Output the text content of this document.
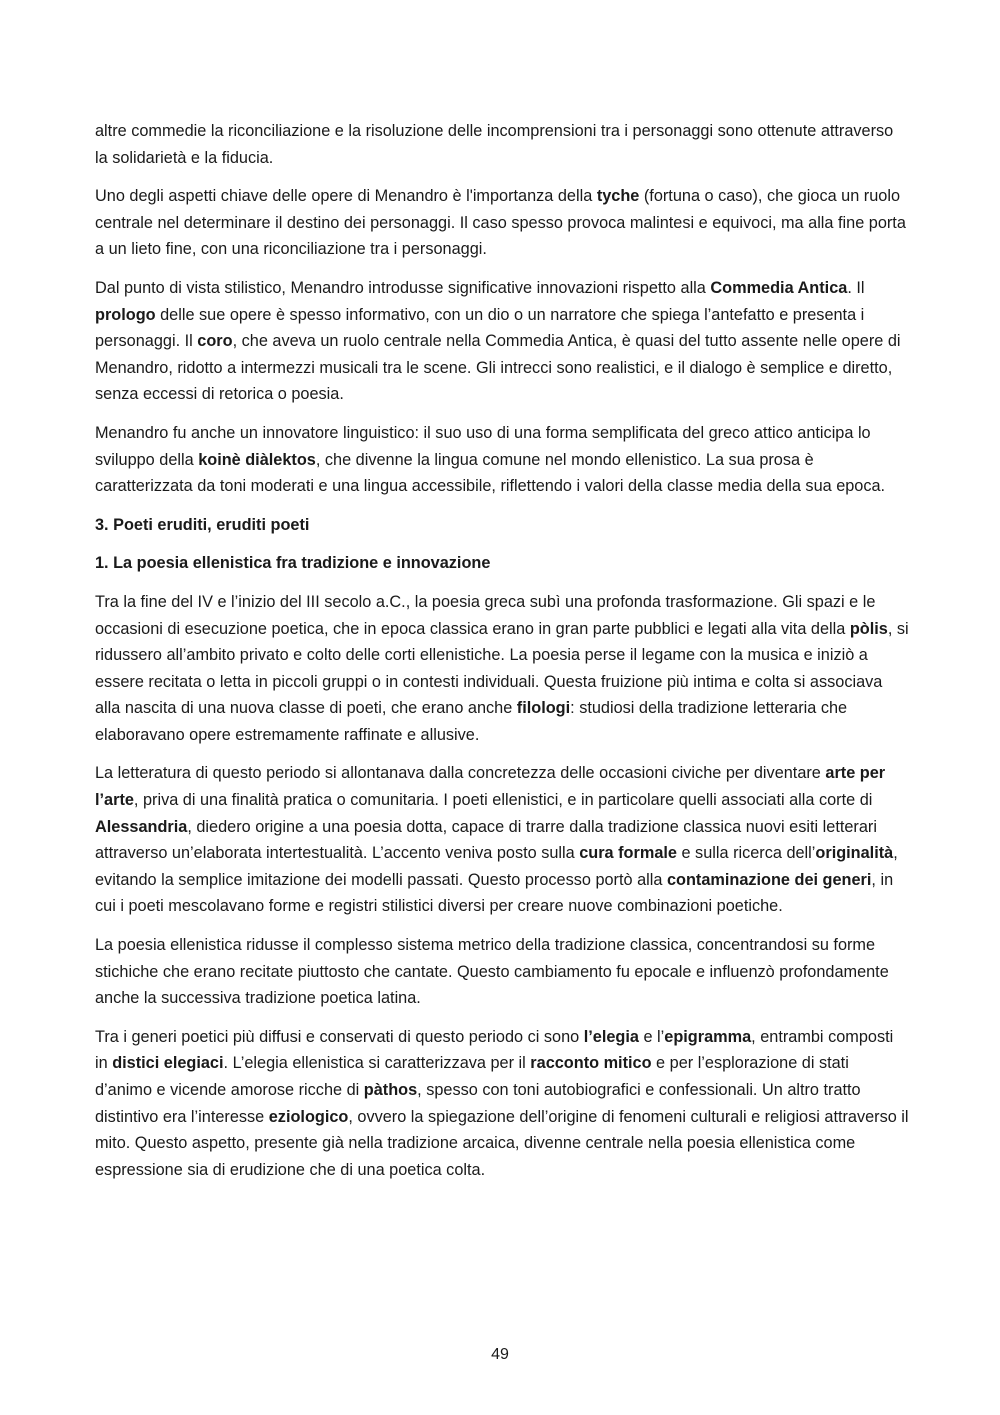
altre commedie la riconciliazione e la risoluzione delle incomprensioni tra i personaggi sono ottenute attraverso la solidarietà e la fiducia.

Uno degli aspetti chiave delle opere di Menandro è l'importanza della tyche (fortuna o caso), che gioca un ruolo centrale nel determinare il destino dei personaggi. Il caso spesso provoca malintesi e equivoci, ma alla fine porta a un lieto fine, con una riconciliazione tra i personaggi.

Dal punto di vista stilistico, Menandro introdusse significative innovazioni rispetto alla Commedia Antica. Il prologo delle sue opere è spesso informativo, con un dio o un narratore che spiega l’antefatto e presenta i personaggi. Il coro, che aveva un ruolo centrale nella Commedia Antica, è quasi del tutto assente nelle opere di Menandro, ridotto a intermezzi musicali tra le scene. Gli intrecci sono realistici, e il dialogo è semplice e diretto, senza eccessi di retorica o poesia.

Menandro fu anche un innovatore linguistico: il suo uso di una forma semplificata del greco attico anticipa lo sviluppo della koinè diàlektos, che divenne la lingua comune nel mondo ellenistico. La sua prosa è caratterizzata da toni moderati e una lingua accessibile, riflettendo i valori della classe media della sua epoca.

3. Poeti eruditi, eruditi poeti
1. La poesia ellenistica fra tradizione e innovazione

Tra la fine del IV e l’inizio del III secolo a.C., la poesia greca subì una profonda trasformazione. Gli spazi e le occasioni di esecuzione poetica, che in epoca classica erano in gran parte pubblici e legati alla vita della pòlis, si ridussero all’ambito privato e colto delle corti ellenistiche. La poesia perse il legame con la musica e iniziò a essere recitata o letta in piccoli gruppi o in contesti individuali. Questa fruizione più intima e colta si associava alla nascita di una nuova classe di poeti, che erano anche filologi: studiosi della tradizione letteraria che elaboravano opere estremamente raffinate e allusive.

La letteratura di questo periodo si allontanava dalla concretezza delle occasioni civiche per diventare arte per l’arte, priva di una finalità pratica o comunitaria. I poeti ellenistici, e in particolare quelli associati alla corte di Alessandria, diedero origine a una poesia dotta, capace di trarre dalla tradizione classica nuovi esiti letterari attraverso un’elaborata intertestualità. L’accento veniva posto sulla cura formale e sulla ricerca dell’originalità, evitando la semplice imitazione dei modelli passati. Questo processo portò alla contaminazione dei generi, in cui i poeti mescolavano forme e registri stilistici diversi per creare nuove combinazioni poetiche.

La poesia ellenistica ridusse il complesso sistema metrico della tradizione classica, concentrandosi su forme stichiche che erano recitate piuttosto che cantate. Questo cambiamento fu epocale e influenzò profondamente anche la successiva tradizione poetica latina.

Tra i generi poetici più diffusi e conservati di questo periodo ci sono l’elegia e l’epigramma, entrambi composti in distici elegiaci. L’elegia ellenistica si caratterizzava per il racconto mitico e per l’esplorazione di stati d’animo e vicende amorose ricche di pàthos, spesso con toni autobiografici e confessionali. Un altro tratto distintivo era l’interesse eziologico, ovvero la spiegazione dell’origine di fenomeni culturali e religiosi attraverso il mito. Questo aspetto, presente già nella tradizione arcaica, divenne centrale nella poesia ellenistica come espressione sia di erudizione che di una poetica colta.

49
